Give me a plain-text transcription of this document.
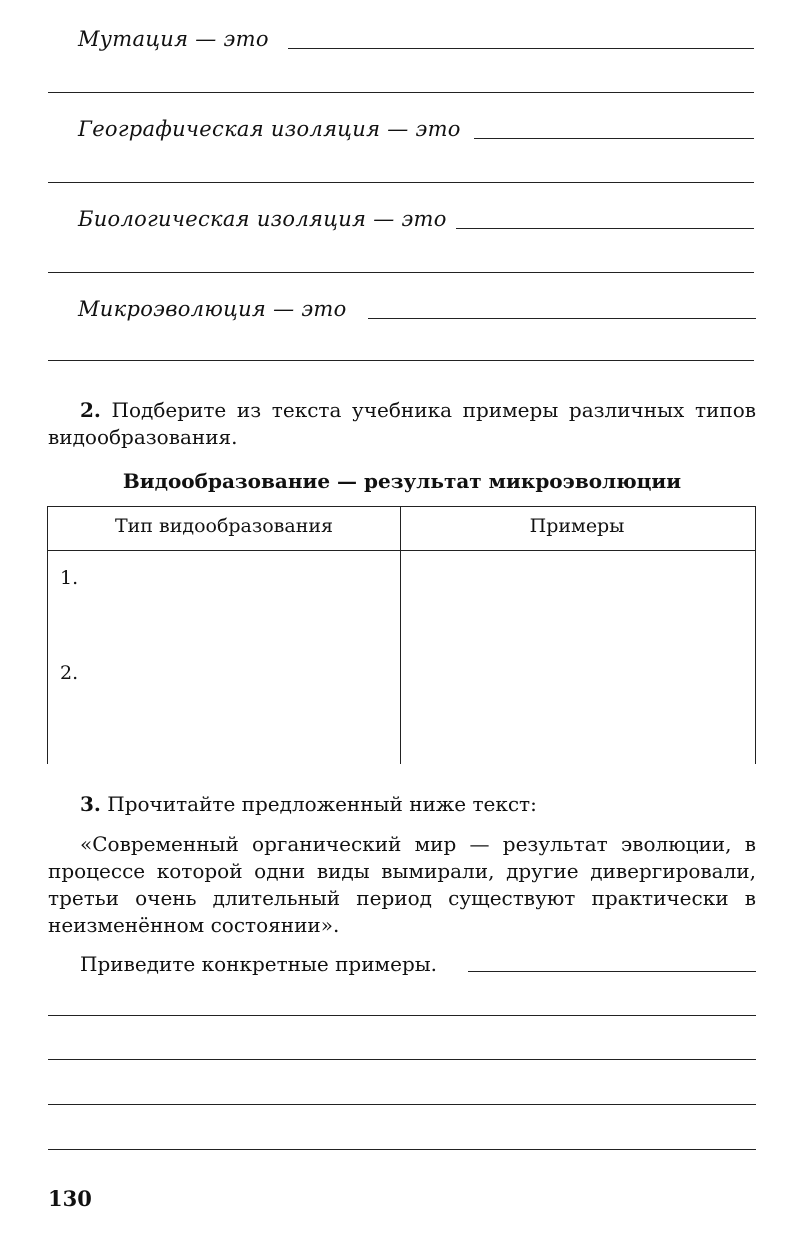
Мутация — это
Географическая изоляция — это
Биологическая изоляция — это
Микроэволюция — это
2. Подберите из текста учебника примеры различных типов видообразования.
Видообразование — результат микроэволюции
Тип видообразования	Примеры
1.
2.
3. Прочитайте предложенный ниже текст:
«Современный органический мир — результат эволюции, в процессе которой одни виды вымирали, другие дивергировали, третьи очень длительный период существуют практически в неизменённом состоянии».
Приведите конкретные примеры.
130
